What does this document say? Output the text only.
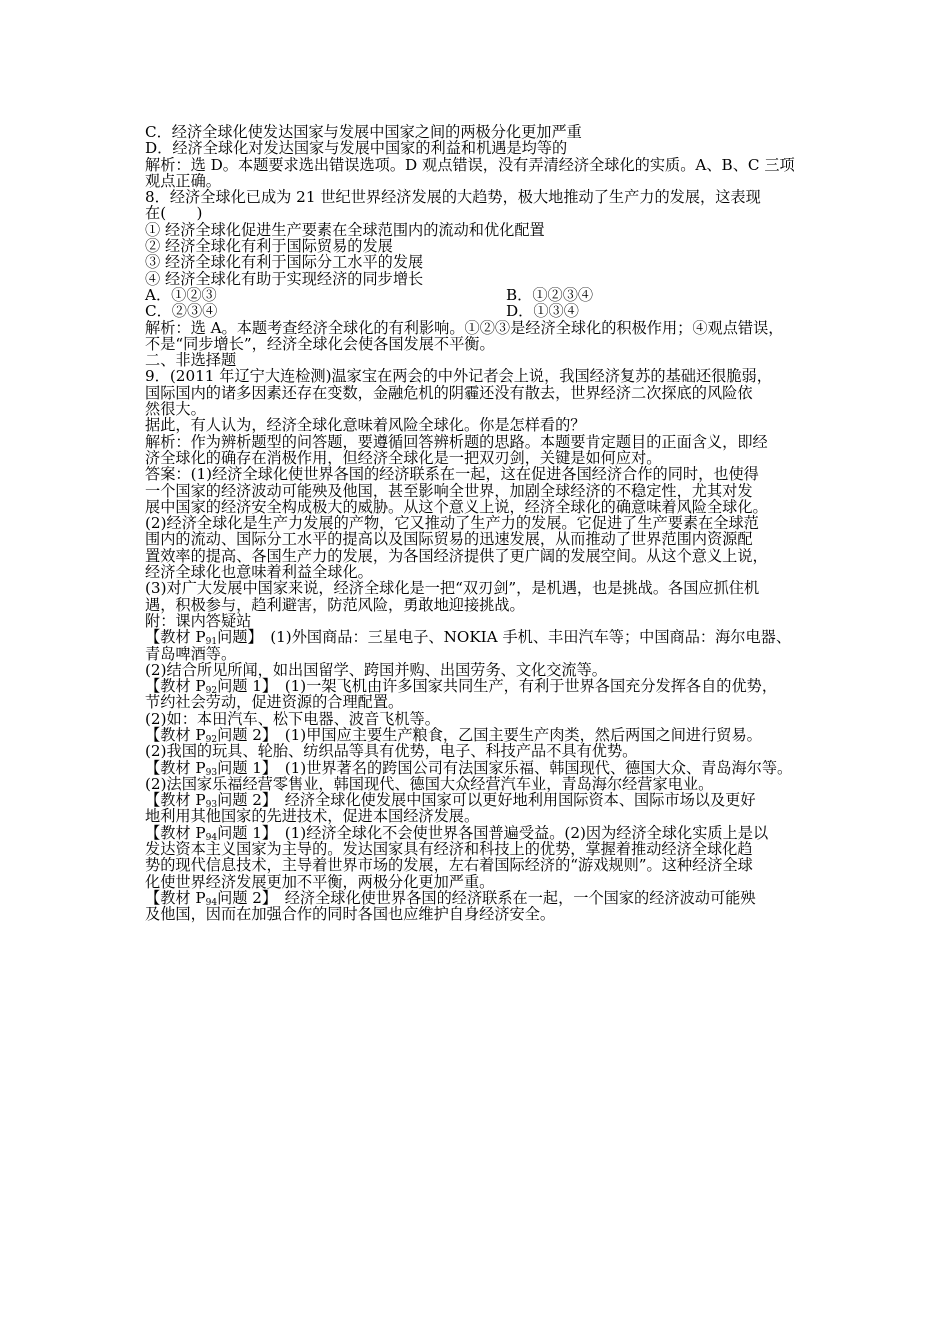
C．经济全球化使发达国家与发展中国家之间的两极分化更加严重
D．经济全球化对发达国家与发展中国家的利益和机遇是均等的
解析：选 D。本题要求选出错误选项。D 观点错误，没有弄清经济全球化的实质。A、B、C 三项
观点正确。
8．经济全球化已成为 21 世纪世界经济发展的大趋势，极大地推动了生产力的发展，这表现
在(　　)
① 经济全球化促进生产要素在全球范围内的流动和优化配置
② 经济全球化有利于国际贸易的发展
③ 经济全球化有利于国际分工水平的发展
④ 经济全球化有助于实现经济的同步增长
A．①②③	B．①②③④
C．②③④	D．①③④
解析：选 A。本题考查经济全球化的有利影响。①②③是经济全球化的积极作用；④观点错误，
不是“同步增长”，经济全球化会使各国发展不平衡。
二、非选择题
9．(2011 年辽宁大连检测)温家宝在两会的中外记者会上说，我国经济复苏的基础还很脆弱，
国际国内的诸多因素还存在变数，金融危机的阴霾还没有散去，世界经济二次探底的风险依
然很大。
据此，有人认为，经济全球化意味着风险全球化。你是怎样看的？
解析：作为辨析题型的问答题，要遵循回答辨析题的思路。本题要肯定题目的正面含义，即经
济全球化的确存在消极作用，但经济全球化是一把双刃剑，关键是如何应对。
答案：(1)经济全球化使世界各国的经济联系在一起，这在促进各国经济合作的同时，也使得
一个国家的经济波动可能殃及他国，甚至影响全世界，加剧全球经济的不稳定性，尤其对发
展中国家的经济安全构成极大的威胁。从这个意义上说，经济全球化的确意味着风险全球化。
(2)经济全球化是生产力发展的产物，它又推动了生产力的发展。它促进了生产要素在全球范
围内的流动、国际分工水平的提高以及国际贸易的迅速发展，从而推动了世界范围内资源配
置效率的提高、各国生产力的发展，为各国经济提供了更广阔的发展空间。从这个意义上说，
经济全球化也意味着利益全球化。
(3)对广大发展中国家来说，经济全球化是一把“双刃剑”，是机遇，也是挑战。各国应抓住机
遇，积极参与，趋利避害，防范风险，勇敢地迎接挑战。
附：课内答疑站
【教材 $P_{91}$问题】　(1)外国商品：三星电子、NOKIA 手机、丰田汽车等；中国商品：海尔电器、
青岛啤酒等。
(2)结合所见所闻，如出国留学、跨国并购、出国劳务、文化交流等。
【教材 $P_{92}$问题 1】　(1)一架飞机由许多国家共同生产，有利于世界各国充分发挥各自的优势，
节约社会劳动，促进资源的合理配置。
(2)如：本田汽车、松下电器、波音飞机等。
【教材 $P_{92}$问题 2】　(1)甲国应主要生产粮食，乙国主要生产肉类，然后两国之间进行贸易。
(2)我国的玩具、轮胎、纺织品等具有优势，电子、科技产品不具有优势。
【教材 $P_{93}$问题 1】　(1)世界著名的跨国公司有法国家乐福、韩国现代、德国大众、青岛海尔等。
(2)法国家乐福经营零售业，韩国现代、德国大众经营汽车业，青岛海尔经营家电业。
【教材 $P_{93}$问题 2】　经济全球化使发展中国家可以更好地利用国际资本、国际市场以及更好
地利用其他国家的先进技术，促进本国经济发展。
【教材 $P_{94}$问题 1】　(1)经济全球化不会使世界各国普遍受益。(2)因为经济全球化实质上是以
发达资本主义国家为主导的。发达国家具有经济和科技上的优势，掌握着推动经济全球化趋
势的现代信息技术，主导着世界市场的发展，左右着国际经济的“游戏规则”。这种经济全球
化使世界经济发展更加不平衡，两极分化更加严重。
【教材 $P_{94}$问题 2】　经济全球化使世界各国的经济联系在一起，一个国家的经济波动可能殃
及他国，因而在加强合作的同时各国也应维护自身经济安全。
